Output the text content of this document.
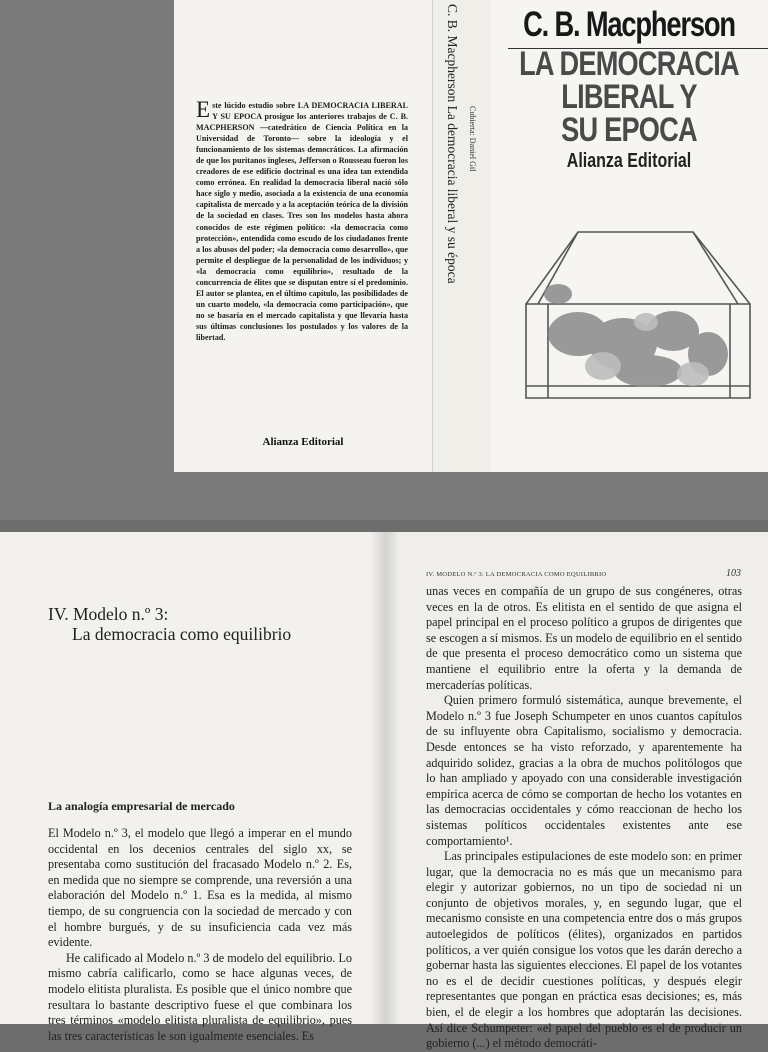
Este lúcido estudio sobre LA DEMOCRACIA LIBERAL Y SU EPOCA prosigue los anteriores trabajos de C. B. MACPHERSON —catedrático de Ciencia Política en la Universidad de Toronto— sobre la ideología y el funcionamiento de los sistemas democráticos. La afirmación de que los puritanos ingleses, Jefferson o Rousseau fueron los creadores de ese edificio doctrinal es una idea tan extendida como errónea. En realidad la democracia liberal nació sólo hace siglo y medio, asociada a la existencia de una economía capitalista de mercado y a la aceptación teórica de la división de la sociedad en clases. Tres son los modelos hasta ahora conocidos de este régimen político: «la democracia como protección», entendida como escudo de los ciudadanos frente a los abusos del poder; «la democracia como desarrollo», que permite el despliegue de la personalidad de los individuos; y «la democracia como equilibrio», resultado de la concurrencia de élites que se disputan entre sí el predominio. El autor se plantea, en el último capítulo, las posibilidades de un cuarto modelo, «la democracia como participación», que no se basaría en el mercado capitalista y que llevaría hasta sus últimas conclusiones los postulados y los valores de la libertad.
Alianza Editorial
C. B. Macpherson La democracia liberal y su época	Cubierta: Daniel Gil
C. B. Macpherson
LA DEMOCRACIA
LIBERAL Y
SU EPOCA
Alianza Editorial
IV. Modelo n.º 3:
La democracia como equilibrio
La analogía empresarial de mercado

El Modelo n.º 3, el modelo que llegó a imperar en el mundo occidental en los decenios centrales del siglo xx, se presentaba como sustitución del fracasado Modelo n.º 2. Es, en medida que no siempre se comprende, una reversión a una elaboración del Modelo n.º 1. Esa es la medida, al mismo tiempo, de su congruencia con la sociedad de mercado y con el hombre burgués, y de su insuficiencia cada vez más evidente.

He calificado al Modelo n.º 3 de modelo del equilibrio. Lo mismo cabría calificarlo, como se hace algunas veces, de modelo elitista pluralista. Es posible que el único nombre que resultara lo bastante descriptivo fuese el que combinara los tres términos «modelo elitista pluralista de equilibrio», pues las tres características le son igualmente esenciales. Es

IV. MODELO N.º 3: LA DEMOCRACIA COMO EQUILIBRIO	103

unas veces en compañía de un grupo de sus congéneres, otras veces en la de otros. Es elitista en el sentido de que asigna el papel principal en el proceso político a grupos de dirigentes que se escogen a sí mismos. Es un modelo de equilibrio en el sentido de que presenta el proceso democrático como un sistema que mantiene el equilibrio entre la oferta y la demanda de mercaderías políticas.

Quien primero formuló sistemática, aunque brevemente, el Modelo n.º 3 fue Joseph Schumpeter en unos cuantos capítulos de su influyente obra Capitalismo, socialismo y democracia. Desde entonces se ha visto reforzado, y aparentemente ha adquirido solidez, gracias a la obra de muchos politólogos que lo han ampliado y apoyado con una considerable investigación empírica acerca de cómo se comportan de hecho los votantes en las democracias occidentales y cómo reaccionan de hecho los sistemas políticos occidentales existentes ante ese comportamiento¹.

Las principales estipulaciones de este modelo son: en primer lugar, que la democracia no es más que un mecanismo para elegir y autorizar gobiernos, no un tipo de sociedad ni un conjunto de objetivos morales, y, en segundo lugar, que el mecanismo consiste en una competencia entre dos o más grupos autoelegidos de políticos (élites), organizados en partidos políticos, a ver quién consigue los votos que les darán derecho a gobernar hasta las siguientes elecciones. El papel de los votantes no es el de decidir cuestiones políticas, y después elegir representantes que pongan en práctica esas decisiones; es, más bien, el de elegir a los hombres que adoptarán las decisiones. Así dice Schumpeter: «el papel del pueblo es el de producir un gobierno (...) el método democráti-
